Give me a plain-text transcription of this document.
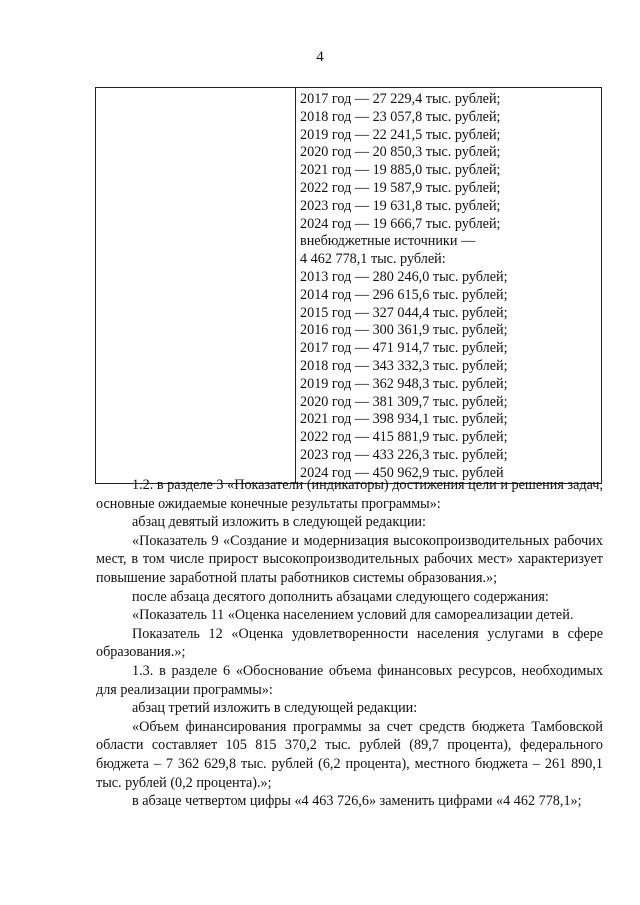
4

2017 год — 27 229,4 тыс. рублей;
2018 год — 23 057,8 тыс. рублей;
2019 год — 22 241,5 тыс. рублей;
2020 год — 20 850,3 тыс. рублей;
2021 год — 19 885,0 тыс. рублей;
2022 год — 19 587,9 тыс. рублей;
2023 год — 19 631,8 тыс. рублей;
2024 год — 19 666,7 тыс. рублей;
внебюджетные источники —
4 462 778,1 тыс. рублей:
2013 год — 280 246,0 тыс. рублей;
2014 год — 296 615,6 тыс. рублей;
2015 год — 327 044,4 тыс. рублей;
2016 год — 300 361,9 тыс. рублей;
2017 год — 471 914,7 тыс. рублей;
2018 год — 343 332,3 тыс. рублей;
2019 год — 362 948,3 тыс. рублей;
2020 год — 381 309,7 тыс. рублей;
2021 год — 398 934,1 тыс. рублей;
2022 год — 415 881,9 тыс. рублей;
2023 год — 433 226,3 тыс. рублей;
2024 год — 450 962,9 тыс. рублей

1.2. в разделе 3 «Показатели (индикаторы) достижения цели и решения задач, основные ожидаемые конечные результаты программы»:

абзац девятый изложить в следующей редакции:

«Показатель 9 «Создание и модернизация высокопроизводительных рабочих мест, в том числе прирост высокопроизводительных рабочих мест» характеризует повышение заработной платы работников системы образования.»;

после абзаца десятого дополнить абзацами следующего содержания:

«Показатель 11 «Оценка населением условий для самореализации детей.

Показатель 12 «Оценка удовлетворенности населения услугами в сфере образования.»;

1.3. в разделе 6 «Обоснование объема финансовых ресурсов, необходимых для реализации программы»:

абзац третий изложить в следующей редакции:

«Объем финансирования программы за счет средств бюджета Тамбовской области составляет 105 815 370,2 тыс. рублей (89,7 процента), федерального бюджета – 7 362 629,8 тыс. рублей (6,2 процента), местного бюджета – 261 890,1 тыс. рублей (0,2 процента).»;

в абзаце четвертом цифры «4 463 726,6» заменить цифрами «4 462 778,1»;
